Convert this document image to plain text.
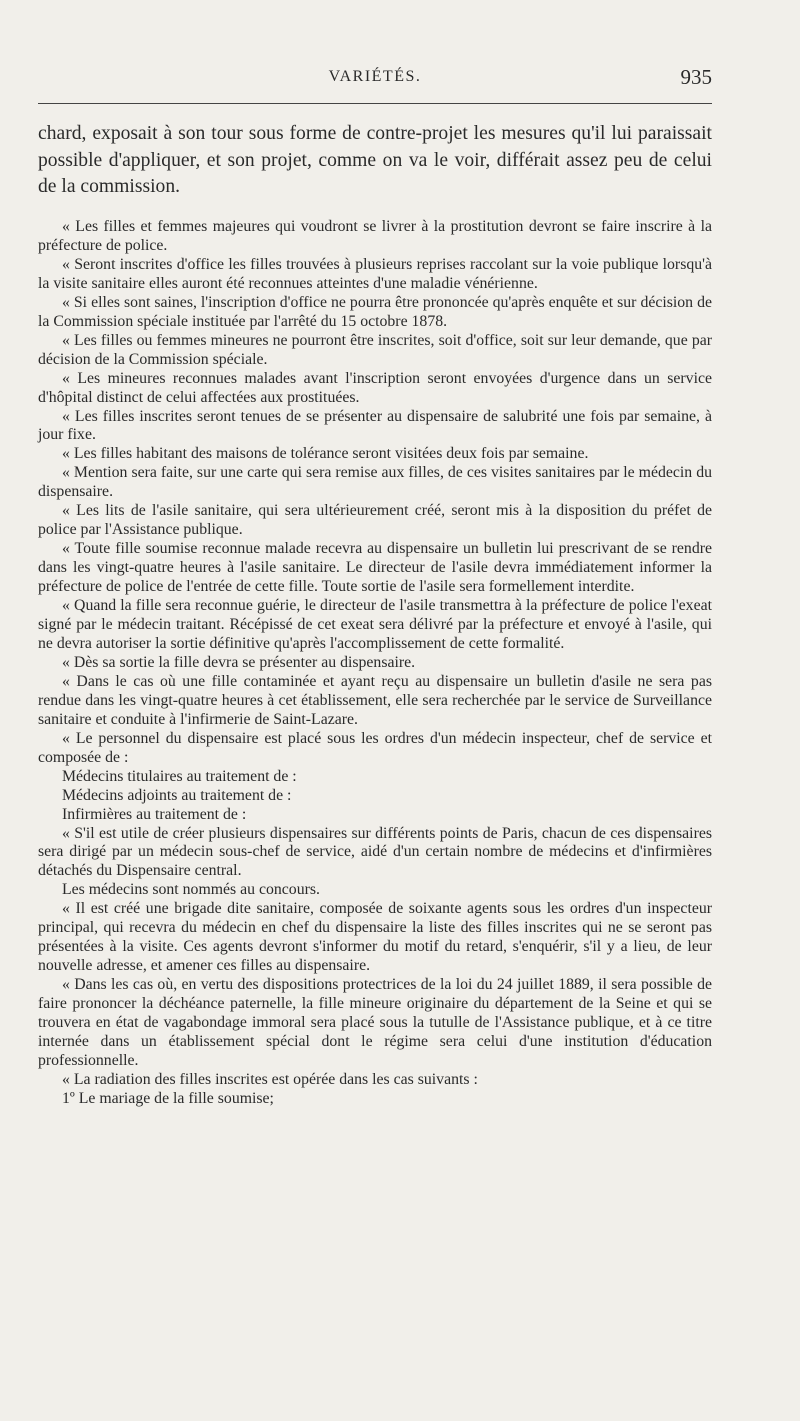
VARIÉTÉS.	935
chard, exposait à son tour sous forme de contre-projet les mesures qu'il lui paraissait possible d'appliquer, et son projet, comme on va le voir, différait assez peu de celui de la commission.

« Les filles et femmes majeures qui voudront se livrer à la prostitution devront se faire inscrire à la préfecture de police.

« Seront inscrites d'office les filles trouvées à plusieurs reprises raccolant sur la voie publique lorsqu'à la visite sanitaire elles auront été reconnues atteintes d'une maladie vénérienne.

« Si elles sont saines, l'inscription d'office ne pourra être prononcée qu'après enquête et sur décision de la Commission spéciale instituée par l'arrêté du 15 octobre 1878.

« Les filles ou femmes mineures ne pourront être inscrites, soit d'office, soit sur leur demande, que par décision de la Commission spéciale.

« Les mineures reconnues malades avant l'inscription seront envoyées d'urgence dans un service d'hôpital distinct de celui affectées aux prostituées.

« Les filles inscrites seront tenues de se présenter au dispensaire de salubrité une fois par semaine, à jour fixe.

« Les filles habitant des maisons de tolérance seront visitées deux fois par semaine.

« Mention sera faite, sur une carte qui sera remise aux filles, de ces visites sanitaires par le médecin du dispensaire.

« Les lits de l'asile sanitaire, qui sera ultérieurement créé, seront mis à la disposition du préfet de police par l'Assistance publique.

« Toute fille soumise reconnue malade recevra au dispensaire un bulletin lui prescrivant de se rendre dans les vingt-quatre heures à l'asile sanitaire. Le directeur de l'asile devra immédiatement informer la préfecture de police de l'entrée de cette fille. Toute sortie de l'asile sera formellement interdite.

« Quand la fille sera reconnue guérie, le directeur de l'asile transmettra à la préfecture de police l'exeat signé par le médecin traitant. Récépissé de cet exeat sera délivré par la préfecture et envoyé à l'asile, qui ne devra autoriser la sortie définitive qu'après l'accomplissement de cette formalité.

« Dès sa sortie la fille devra se présenter au dispensaire.

« Dans le cas où une fille contaminée et ayant reçu au dispensaire un bulletin d'asile ne sera pas rendue dans les vingt-quatre heures à cet établissement, elle sera recherchée par le service de Surveillance sanitaire et conduite à l'infirmerie de Saint-Lazare.

« Le personnel du dispensaire est placé sous les ordres d'un médecin inspecteur, chef de service et composée de :

Médecins titulaires au traitement de :

Médecins adjoints au traitement de :

Infirmières au traitement de :

« S'il est utile de créer plusieurs dispensaires sur différents points de Paris, chacun de ces dispensaires sera dirigé par un médecin sous-chef de service, aidé d'un certain nombre de médecins et d'infirmières détachés du Dispensaire central.

Les médecins sont nommés au concours.

« Il est créé une brigade dite sanitaire, composée de soixante agents sous les ordres d'un inspecteur principal, qui recevra du médecin en chef du dispensaire la liste des filles inscrites qui ne se seront pas présentées à la visite. Ces agents devront s'informer du motif du retard, s'enquérir, s'il y a lieu, de leur nouvelle adresse, et amener ces filles au dispensaire.

« Dans les cas où, en vertu des dispositions protectrices de la loi du 24 juillet 1889, il sera possible de faire prononcer la déchéance paternelle, la fille mineure originaire du département de la Seine et qui se trouvera en état de vagabondage immoral sera placé sous la tutulle de l'Assistance publique, et à ce titre internée dans un établissement spécial dont le régime sera celui d'une institution d'éducation professionnelle.

« La radiation des filles inscrites est opérée dans les cas suivants :

1º Le mariage de la fille soumise;
